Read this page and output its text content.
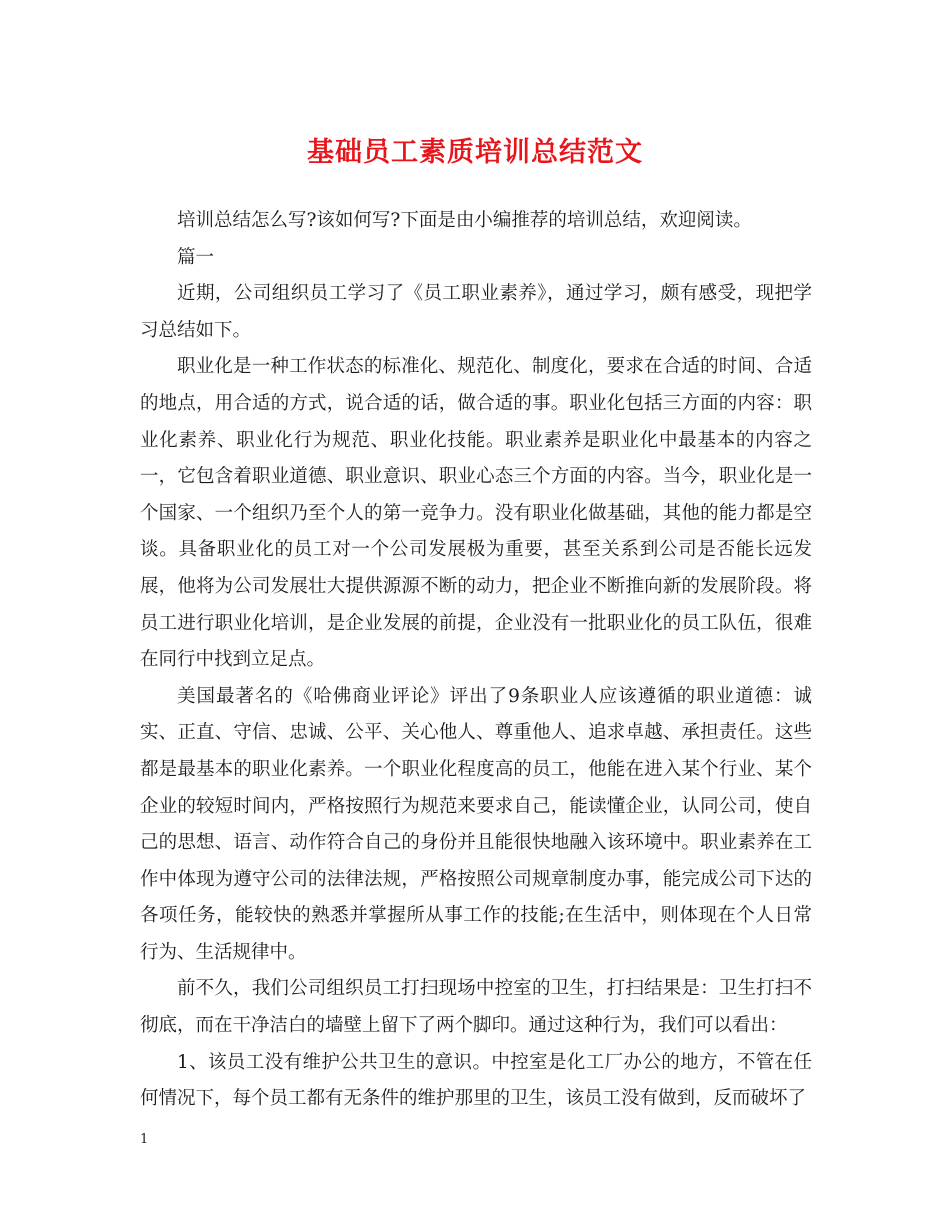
基础员工素质培训总结范文

培训总结怎么写?该如何写?下面是由小编推荐的培训总结，欢迎阅读。

篇一

近期，公司组织员工学习了《员工职业素养》，通过学习，颇有感受，现把学习总结如下。

职业化是一种工作状态的标准化、规范化、制度化，要求在合适的时间、合适的地点，用合适的方式，说合适的话，做合适的事。职业化包括三方面的内容：职业化素养、职业化行为规范、职业化技能。职业素养是职业化中最基本的内容之一，它包含着职业道德、职业意识、职业心态三个方面的内容。当今，职业化是一个国家、一个组织乃至个人的第一竞争力。没有职业化做基础，其他的能力都是空谈。具备职业化的员工对一个公司发展极为重要，甚至关系到公司是否能长远发展，他将为公司发展壮大提供源源不断的动力，把企业不断推向新的发展阶段。将员工进行职业化培训，是企业发展的前提，企业没有一批职业化的员工队伍，很难在同行中找到立足点。

美国最著名的《哈佛商业评论》评出了9条职业人应该遵循的职业道德：诚实、正直、守信、忠诚、公平、关心他人、尊重他人、追求卓越、承担责任。这些都是最基本的职业化素养。一个职业化程度高的员工，他能在进入某个行业、某个企业的较短时间内，严格按照行为规范来要求自己，能读懂企业，认同公司，使自己的思想、语言、动作符合自己的身份并且能很快地融入该环境中。职业素养在工作中体现为遵守公司的法律法规，严格按照公司规章制度办事，能完成公司下达的各项任务，能较快的熟悉并掌握所从事工作的技能;在生活中，则体现在个人日常行为、生活规律中。

前不久，我们公司组织员工打扫现场中控室的卫生，打扫结果是：卫生打扫不彻底，而在干净洁白的墙壁上留下了两个脚印。通过这种行为，我们可以看出：

1、该员工没有维护公共卫生的意识。中控室是化工厂办公的地方，不管在任何情况下，每个员工都有无条件的维护那里的卫生，该员工没有做到，反而破坏了

1
